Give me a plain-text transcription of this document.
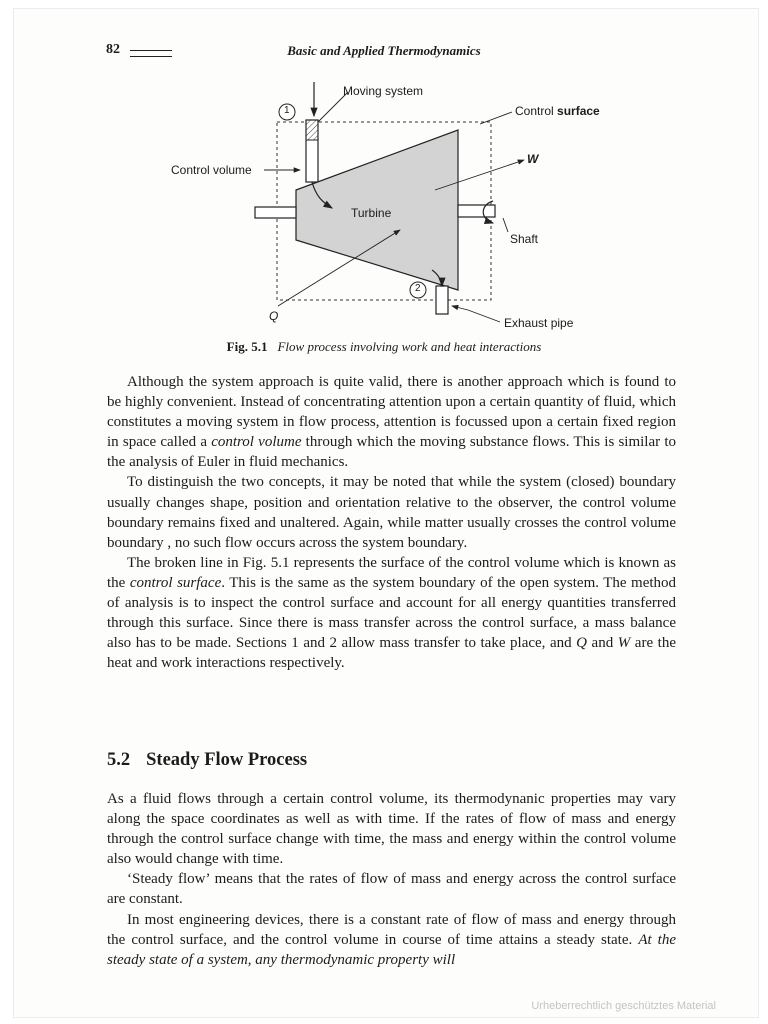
82	Basic and Applied Thermodynamics
Moving system
Control surface
Control volume
W
Turbine
Shaft
Q	Exhaust pipe
1
2
Fig. 5.1 Flow process involving work and heat interactions

Although the system approach is quite valid, there is another approach which is found to be highly convenient. Instead of concentrating attention upon a certain quantity of fluid, which constitutes a moving system in flow process, attention is focussed upon a certain fixed region in space called a control volume through which the moving substance flows. This is similar to the analysis of Euler in fluid mechanics.

To distinguish the two concepts, it may be noted that while the system (closed) boundary usually changes shape, position and orientation relative to the observer, the control volume boundary remains fixed and unaltered. Again, while matter usually crosses the control volume boundary , no such flow occurs across the system boundary.

The broken line in Fig. 5.1 represents the surface of the control volume which is known as the control surface. This is the same as the system boundary of the open system. The method of analysis is to inspect the control surface and account for all energy quantities transferred through this surface. Since there is mass transfer across the control surface, a mass balance also has to be made. Sections 1 and 2 allow mass transfer to take place, and Q and W are the heat and work interactions respectively.

5.2 Steady Flow Process

As a fluid flows through a certain control volume, its thermodynanic properties may vary along the space coordinates as well as with time. If the rates of flow of mass and energy through the control surface change with time, the mass and energy within the control volume also would change with time.

‘Steady flow’ means that the rates of flow of mass and energy across the control surface are constant.

In most engineering devices, there is a constant rate of flow of mass and energy through the control surface, and the control volume in course of time attains a steady state. At the steady state of a system, any thermodynamic property will

Urheberrechtlich geschütztes Material
